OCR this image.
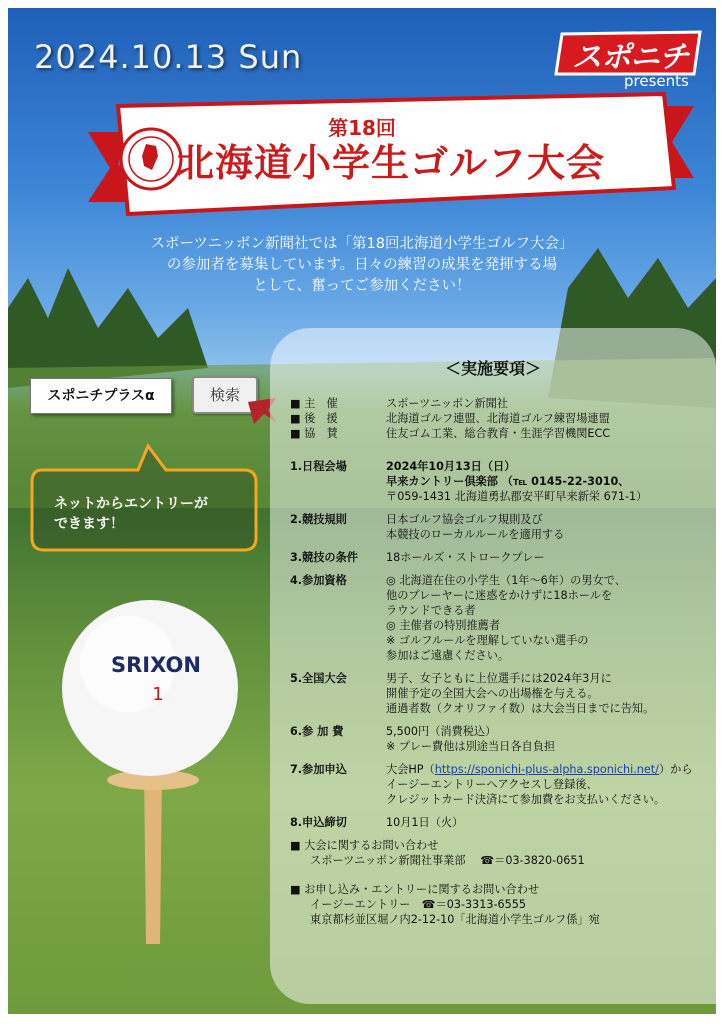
2024.10.13 Sun	スポニチ
presents
第18回
北海道小学生ゴルフ大会
スポーツニッポン新聞社では「第18回北海道小学生ゴルフ大会」
の参加者を募集しています。日々の練習の成果を発揮する場
として、奮ってご参加ください！
スポニチプラスα	検索
ネットからエントリーが
できます！
SRIXON
1
＜実施要項＞
■ 主　催	スポーツニッポン新聞社
■ 後　援	北海道ゴルフ連盟、北海道ゴルフ練習場連盟
■ 協　賛	住友ゴム工業、総合教育・生涯学習機関ECC
1.日程会場	2024年10月13日（日）
早来カントリー倶楽部 （℡ 0145-22-3010、
〒059-1431 北海道勇払郡安平町早来新栄 671-1）
2.競技規則	日本ゴルフ協会ゴルフ規則及び
本競技のローカルルールを適用する
3.競技の条件	18ホールズ・ストロークプレー
4.参加資格	◎ 北海道在住の小学生（1年～6年）の男女で、
他のプレーヤーに迷惑をかけずに18ホールを
ラウンドできる者
◎ 主催者の特別推薦者
※ ゴルフルールを理解していない選手の
参加はご遠慮ください。
5.全国大会	男子、女子ともに上位選手には2024年3月に
開催予定の全国大会への出場権を与える。
通過者数（クオリファイ数）は大会当日までに告知。
6.参 加 費	5,500円（消費税込）
※ プレー費他は別途当日各自負担
7.参加申込	大会HP（https://sponichi-plus-alpha.sponichi.net/）から
イージーエントリーへアクセスし登録後、
クレジットカード決済にて参加費をお支払いください。
8.申込締切	10月1日（火）
■ 大会に関するお問い合わせ
スポーツニッポン新聞社事業部　 ☎＝03-3820-0651
■ お申し込み・エントリーに関するお問い合わせ
イージーエントリー　☎＝03-3313-6555
東京都杉並区堀ノ内2-12-10「北海道小学生ゴルフ係」宛
